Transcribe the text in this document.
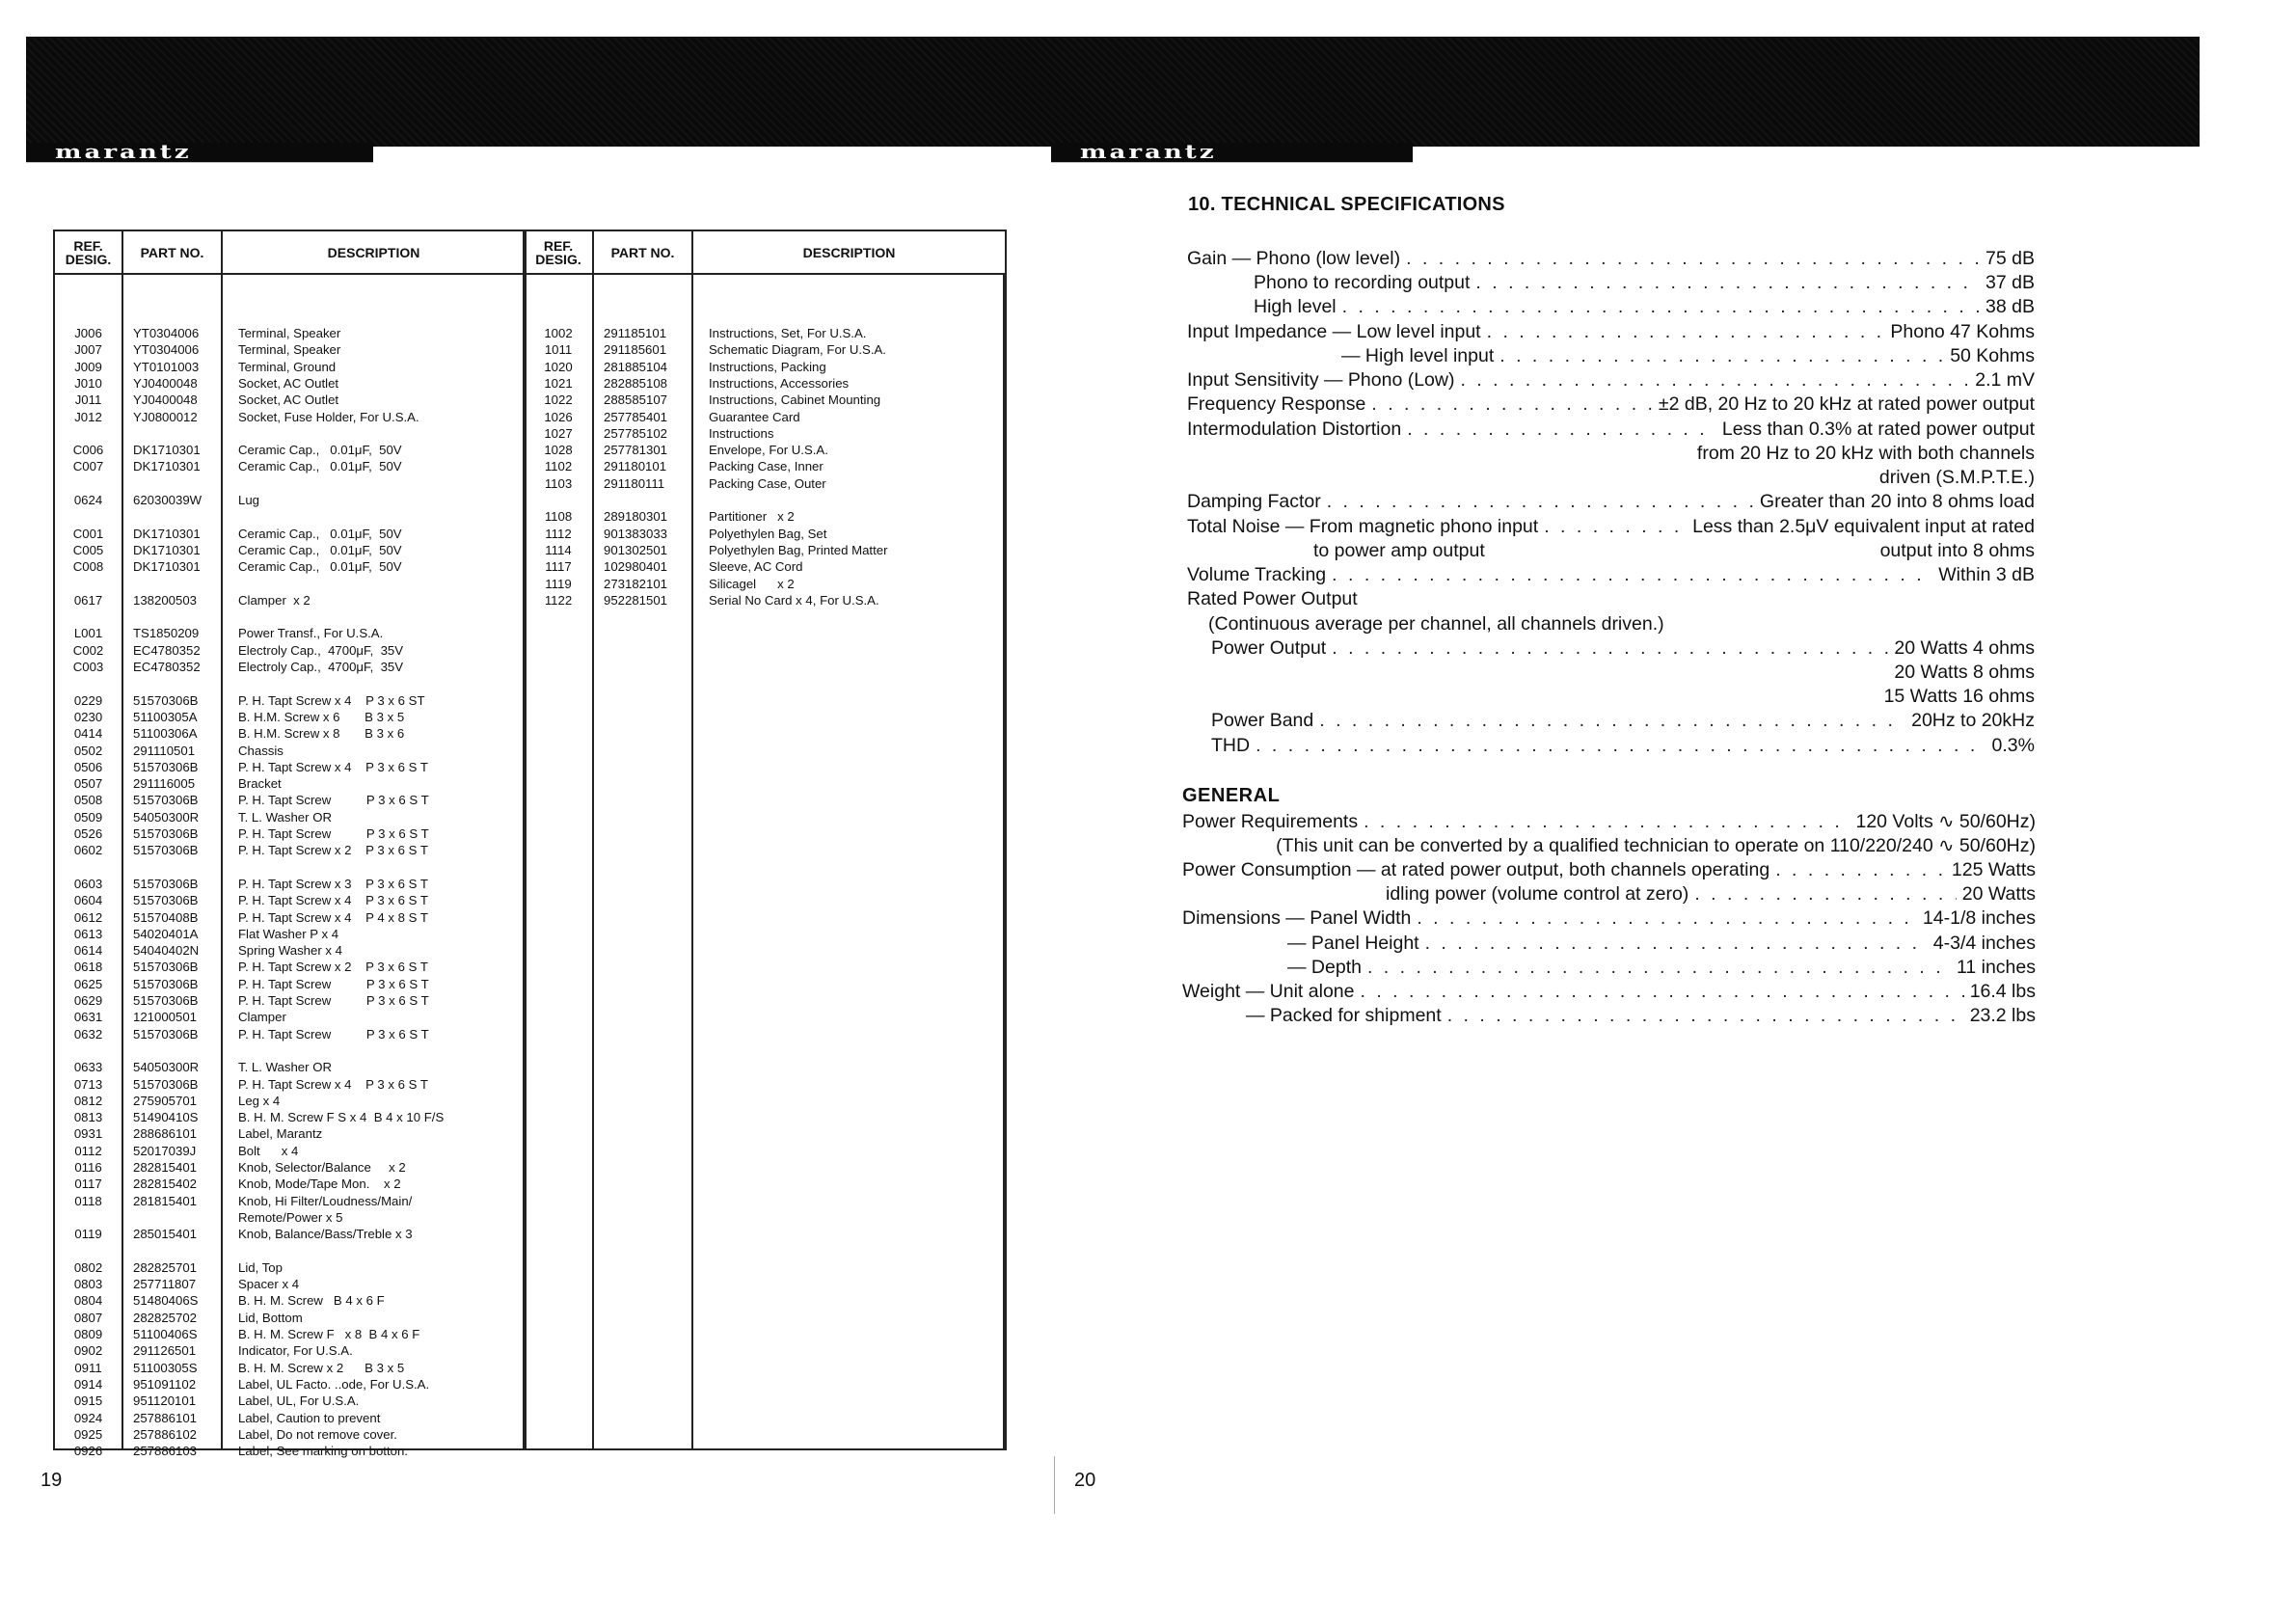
marantz	marantz
REF.
DESIG.	PART NO.	DESCRIPTION
J006	YT0304006	Terminal, Speaker
J007	YT0304006	Terminal, Speaker
J009	YT0101003	Terminal, Ground
J010	YJ0400048	Socket, AC Outlet
J011	YJ0400048	Socket, AC Outlet
J012	YJ0800012	Socket, Fuse Holder, For U.S.A.
C006	DK1710301	Ceramic Cap.,   0.01μF,  50V
C007	DK1710301	Ceramic Cap.,   0.01μF,  50V
0624	62030039W	Lug
C001	DK1710301	Ceramic Cap.,   0.01μF,  50V
C005	DK1710301	Ceramic Cap.,   0.01μF,  50V
C008	DK1710301	Ceramic Cap.,   0.01μF,  50V
0617	138200503	Clamper  x 2
L001	TS1850209	Power Transf., For U.S.A.
C002	EC4780352	Electroly Cap.,  4700μF,  35V
C003	EC4780352	Electroly Cap.,  4700μF,  35V
0229	51570306B	P. H. Tapt Screw x 4    P 3 x 6 ST
0230	51100305A	B. H.M. Screw x 6       B 3 x 5
0414	51100306A	B. H.M. Screw x 8       B 3 x 6
0502	291110501	Chassis
0506	51570306B	P. H. Tapt Screw x 4    P 3 x 6 S T
0507	291116005	Bracket
0508	51570306B	P. H. Tapt Screw          P 3 x 6 S T
0509	54050300R	T. L. Washer OR
0526	51570306B	P. H. Tapt Screw          P 3 x 6 S T
0602	51570306B	P. H. Tapt Screw x 2    P 3 x 6 S T
0603	51570306B	P. H. Tapt Screw x 3    P 3 x 6 S T
0604	51570306B	P. H. Tapt Screw x 4    P 3 x 6 S T
0612	51570408B	P. H. Tapt Screw x 4    P 4 x 8 S T
0613	54020401A	Flat Washer P x 4
0614	54040402N	Spring Washer x 4
0618	51570306B	P. H. Tapt Screw x 2    P 3 x 6 S T
0625	51570306B	P. H. Tapt Screw          P 3 x 6 S T
0629	51570306B	P. H. Tapt Screw          P 3 x 6 S T
0631	121000501	Clamper
0632	51570306B	P. H. Tapt Screw          P 3 x 6 S T
0633	54050300R	T. L. Washer OR
0713	51570306B	P. H. Tapt Screw x 4    P 3 x 6 S T
0812	275905701	Leg x 4
0813	51490410S	B. H. M. Screw F S x 4  B 4 x 10 F/S
0931	288686101	Label, Marantz
0112	52017039J	Bolt      x 4
0116	282815401	Knob, Selector/Balance     x 2
0117	282815402	Knob, Mode/Tape Mon.    x 2
0118	281815401	Knob, Hi Filter/Loudness/Main/
Remote/Power x 5
0119	285015401	Knob, Balance/Bass/Treble x 3
0802	282825701	Lid, Top
0803	257711807	Spacer x 4
0804	51480406S	B. H. M. Screw   B 4 x 6 F
0807	282825702	Lid, Bottom
0809	51100406S	B. H. M. Screw F   x 8  B 4 x 6 F
0902	291126501	Indicator, For U.S.A.
0911	51100305S	B. H. M. Screw x 2      B 3 x 5
0914	951091102	Label, UL Facto. ..ode, For U.S.A.
0915	951120101	Label, UL, For U.S.A.
0924	257886101	Label, Caution to prevent
0925	257886102	Label, Do not remove cover.
0926	257886103	Label, See marking on botton.
REF.
DESIG.	PART NO.	DESCRIPTION
1002	291185101	Instructions, Set, For U.S.A.
1011	291185601	Schematic Diagram, For U.S.A.
1020	281885104	Instructions, Packing
1021	282885108	Instructions, Accessories
1022	288585107	Instructions, Cabinet Mounting
1026	257785401	Guarantee Card
1027	257785102	Instructions
1028	257781301	Envelope, For U.S.A.
1102	291180101	Packing Case, Inner
1103	291180111	Packing Case, Outer
1108	289180301	Partitioner   x 2
1112	901383033	Polyethylen Bag, Set
1114	901302501	Polyethylen Bag, Printed Matter
1117	102980401	Sleeve, AC Cord
1119	273182101	Silicagel      x 2
1122	952281501	Serial No Card x 4, For U.S.A.
19	20
10. TECHNICAL SPECIFICATIONS
Gain — Phono (low level) . . .	75 dB
Phono to recording output . . .	37 dB
High level . . .	38 dB
Input Impedance — Low level input . . .	Phono 47 Kohms
— High level input . . .	50 Kohms
Input Sensitivity — Phono (Low) . . .	2.1 mV
Frequency Response . . .	±2 dB, 20 Hz to 20 kHz at rated power output
Intermodulation Distortion . . .	Less than 0.3% at rated power output
from 20 Hz to 20 kHz with both channels
driven (S.M.P.T.E.)
Damping Factor . . .	Greater than 20 into 8 ohms load
Total Noise — From magnetic phono input . . .	Less than 2.5μV equivalent input at rated
to power amp output	output into 8 ohms
Volume Tracking . . .	Within 3 dB
Rated Power Output
(Continuous average per channel, all channels driven.)
Power Output . . .	20 Watts 4 ohms
20 Watts 8 ohms
15 Watts 16 ohms
Power Band . . .	20Hz to 20kHz
THD . . .	0.3%
GENERAL
Power Requirements . . .	120 Volts ∿ 50/60Hz)
(This unit can be converted by a qualified technician to operate on 110/220/240 ∿ 50/60Hz)
Power Consumption — at rated power output, both channels operating . . .	125 Watts
idling power (volume control at zero) . . .	20 Watts
Dimensions — Panel Width . . .	14-1/8 inches
— Panel Height . . .	4-3/4 inches
— Depth . . .	11 inches
Weight — Unit alone . . .	16.4 lbs
— Packed for shipment . . .	23.2 lbs
